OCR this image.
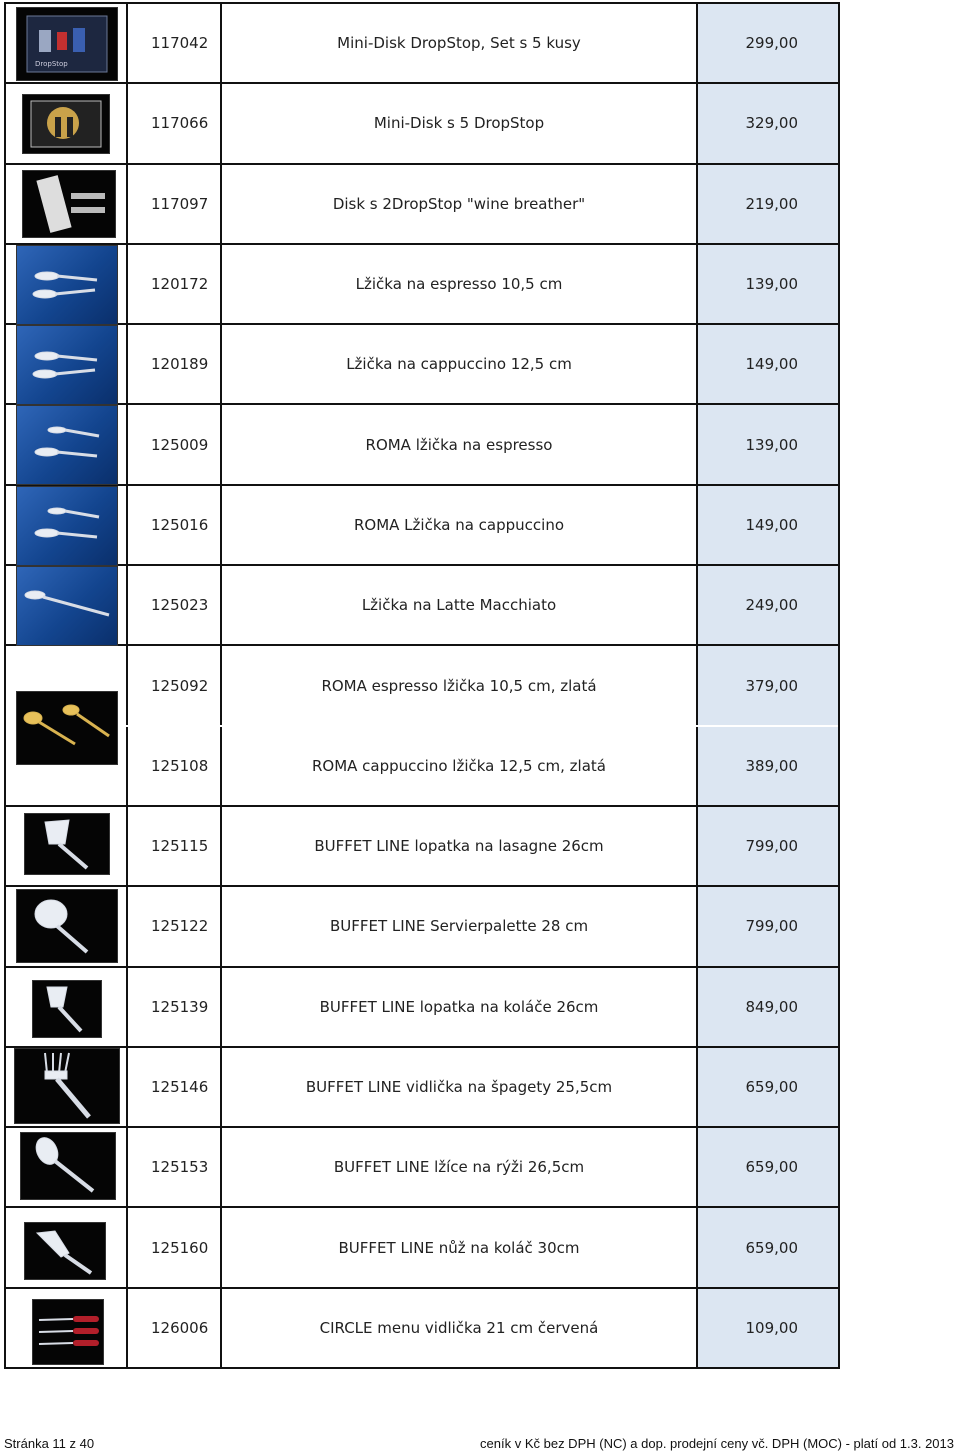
DropStop
117042	Mini-Disk DropStop, Set s 5 kusy	299,00
117066	Mini-Disk s 5 DropStop	329,00
117097	Disk s 2DropStop "wine breather"	219,00
120172	Lžička na espresso 10,5 cm	139,00
120189	Lžička na cappuccino 12,5 cm	149,00
125009	ROMA lžička na espresso	139,00
125016	ROMA Lžička na cappuccino	149,00
125023	Lžička na Latte Macchiato	249,00
125092	ROMA espresso lžička 10,5 cm, zlatá	379,00
125108	ROMA cappuccino lžička 12,5 cm, zlatá	389,00
125115	BUFFET LINE lopatka na lasagne 26cm	799,00
125122	BUFFET LINE Servierpalette 28 cm	799,00
125139	BUFFET LINE lopatka na koláče 26cm	849,00
125146	BUFFET LINE vidlička na špagety 25,5cm	659,00
125153	BUFFET LINE lžíce na rýži 26,5cm	659,00
125160	BUFFET LINE nůž na koláč 30cm	659,00
126006	CIRCLE menu vidlička 21 cm červená	109,00
Stránka 11 z 40	ceník v Kč bez DPH (NC) a dop. prodejní ceny vč. DPH (MOC) - platí od 1.3. 2013
